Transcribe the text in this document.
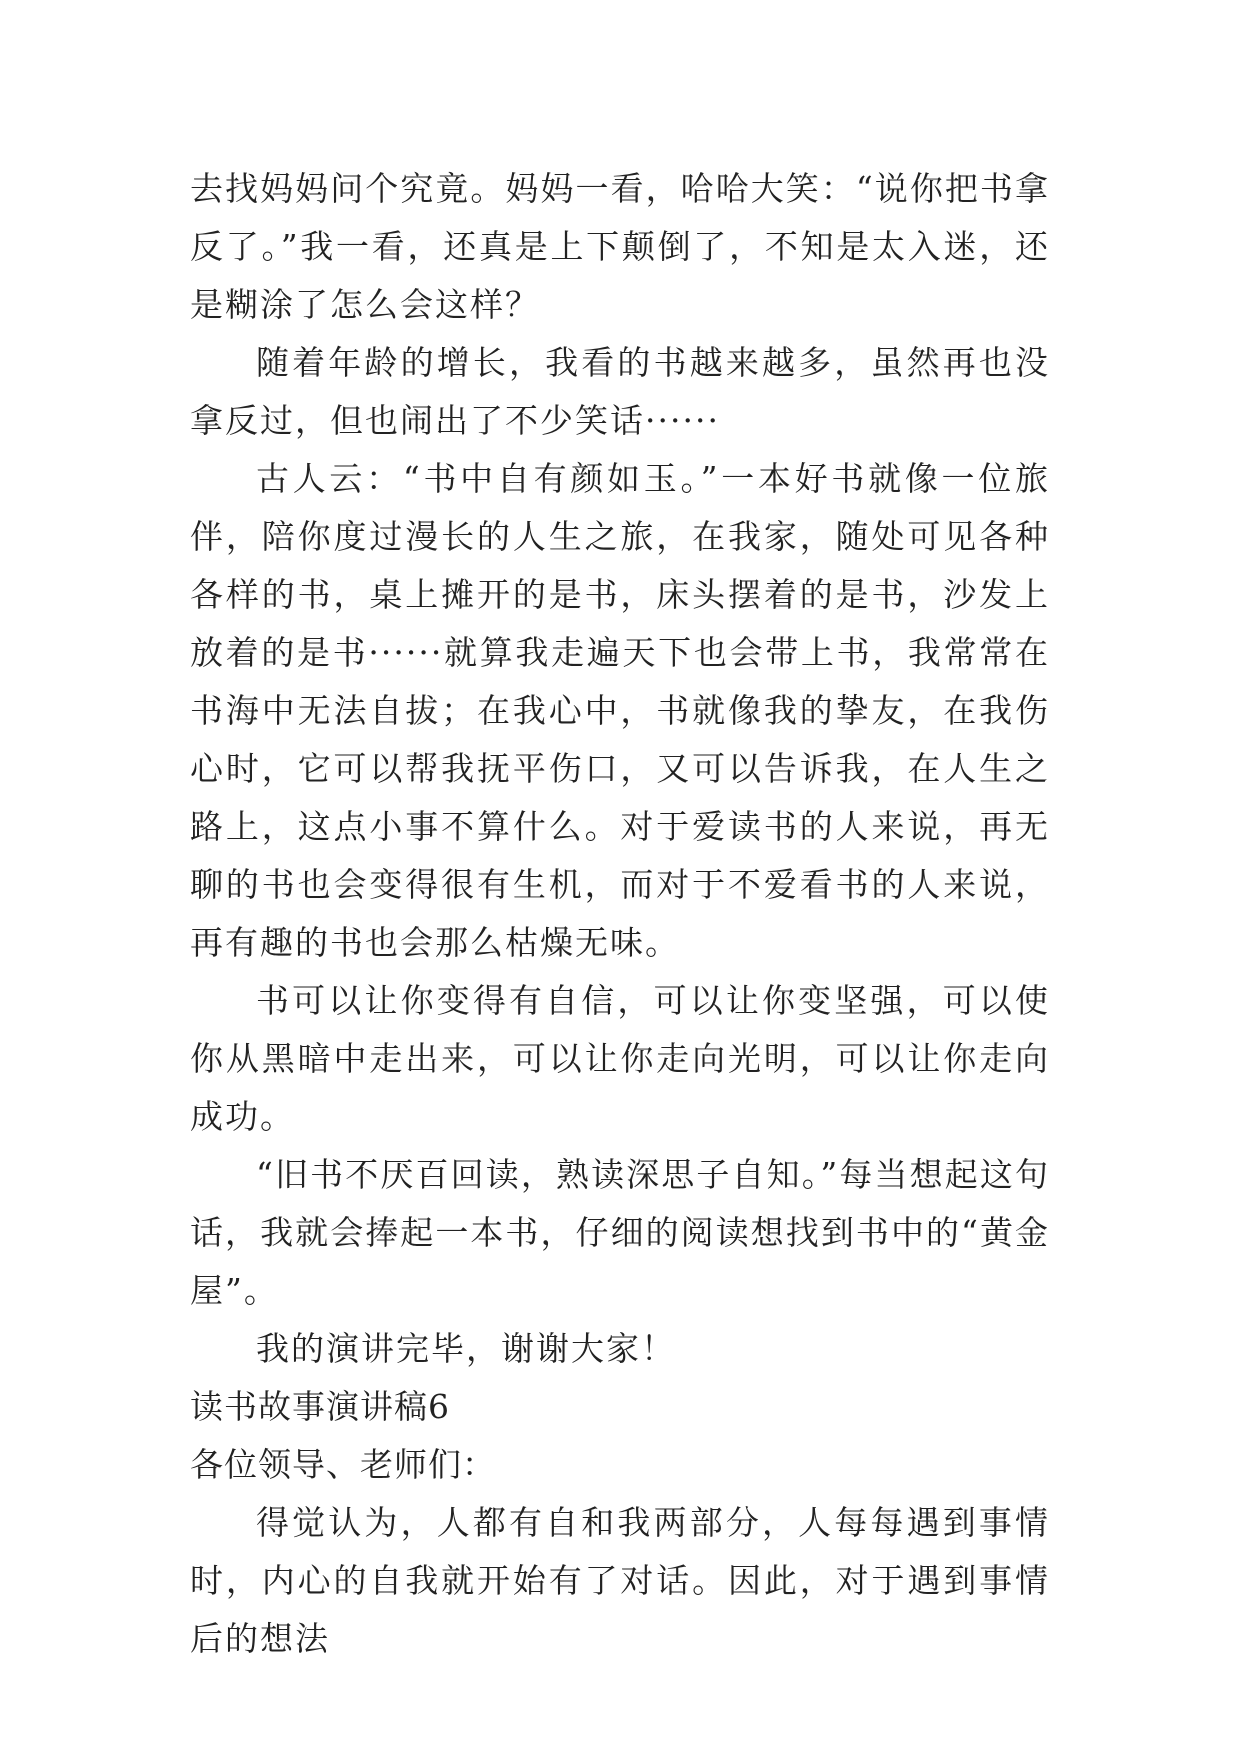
去找妈妈问个究竟。妈妈一看，哈哈大笑：“说你把书拿反了。”我一看，还真是上下颠倒了，不知是太入迷，还是糊涂了怎么会这样？

随着年龄的增长，我看的书越来越多，虽然再也没拿反过，但也闹出了不少笑话······

古人云：“书中自有颜如玉。”一本好书就像一位旅伴，陪你度过漫长的人生之旅，在我家，随处可见各种各样的书，桌上摊开的是书，床头摆着的是书，沙发上放着的是书······就算我走遍天下也会带上书，我常常在书海中无法自拔；在我心中，书就像我的挚友，在我伤心时，它可以帮我抚平伤口，又可以告诉我，在人生之路上，这点小事不算什么。对于爱读书的人来说，再无聊的书也会变得很有生机，而对于不爱看书的人来说，再有趣的书也会那么枯燥无味。

书可以让你变得有自信，可以让你变坚强，可以使你从黑暗中走出来，可以让你走向光明，可以让你走向成功。

“旧书不厌百回读，熟读深思子自知。”每当想起这句话，我就会捧起一本书，仔细的阅读想找到书中的“黄金屋”。

我的演讲完毕，谢谢大家！

读书故事演讲稿6

各位领导、老师们：

得觉认为，人都有自和我两部分，人每每遇到事情时，内心的自我就开始有了对话。因此，对于遇到事情后的想法
